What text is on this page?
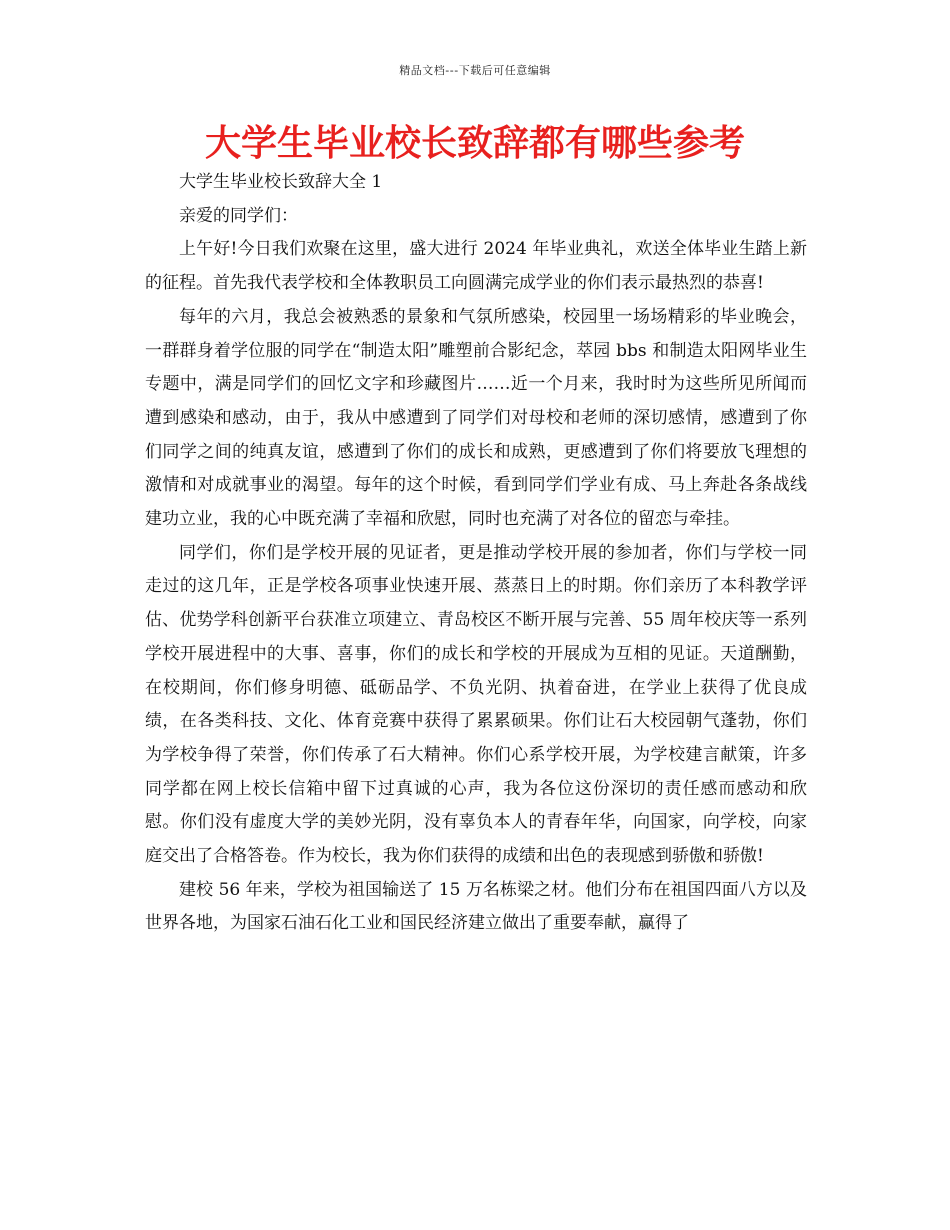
精品文档---下载后可任意编辑
大学生毕业校长致辞都有哪些参考

大学生毕业校长致辞大全 1

亲爱的同学们：

上午好!今日我们欢聚在这里，盛大进行 2024 年毕业典礼，欢送全体毕业生踏上新的征程。首先我代表学校和全体教职员工向圆满完成学业的你们表示最热烈的恭喜!

每年的六月，我总会被熟悉的景象和气氛所感染，校园里一场场精彩的毕业晚会，一群群身着学位服的同学在“制造太阳”雕塑前合影纪念，萃园 bbs 和制造太阳网毕业生专题中，满是同学们的回忆文字和珍藏图片……近一个月来，我时时为这些所见所闻而遭到感染和感动，由于，我从中感遭到了同学们对母校和老师的深切感情，感遭到了你们同学之间的纯真友谊，感遭到了你们的成长和成熟，更感遭到了你们将要放飞理想的激情和对成就事业的渴望。每年的这个时候，看到同学们学业有成、马上奔赴各条战线建功立业，我的心中既充满了幸福和欣慰，同时也充满了对各位的留恋与牵挂。

同学们，你们是学校开展的见证者，更是推动学校开展的参加者，你们与学校一同走过的这几年，正是学校各项事业快速开展、蒸蒸日上的时期。你们亲历了本科教学评估、优势学科创新平台获准立项建立、青岛校区不断开展与完善、55 周年校庆等一系列学校开展进程中的大事、喜事，你们的成长和学校的开展成为互相的见证。天道酬勤，在校期间，你们修身明德、砥砺品学、不负光阴、执着奋进，在学业上获得了优良成绩，在各类科技、文化、体育竞赛中获得了累累硕果。你们让石大校园朝气蓬勃，你们为学校争得了荣誉，你们传承了石大精神。你们心系学校开展，为学校建言献策，许多同学都在网上校长信箱中留下过真诚的心声，我为各位这份深切的责任感而感动和欣慰。你们没有虚度大学的美妙光阴，没有辜负本人的青春年华，向国家，向学校，向家庭交出了合格答卷。作为校长，我为你们获得的成绩和出色的表现感到骄傲和骄傲!

建校 56 年来，学校为祖国输送了 15 万名栋梁之材。他们分布在祖国四面八方以及世界各地，为国家石油石化工业和国民经济建立做出了重要奉献，赢得了
